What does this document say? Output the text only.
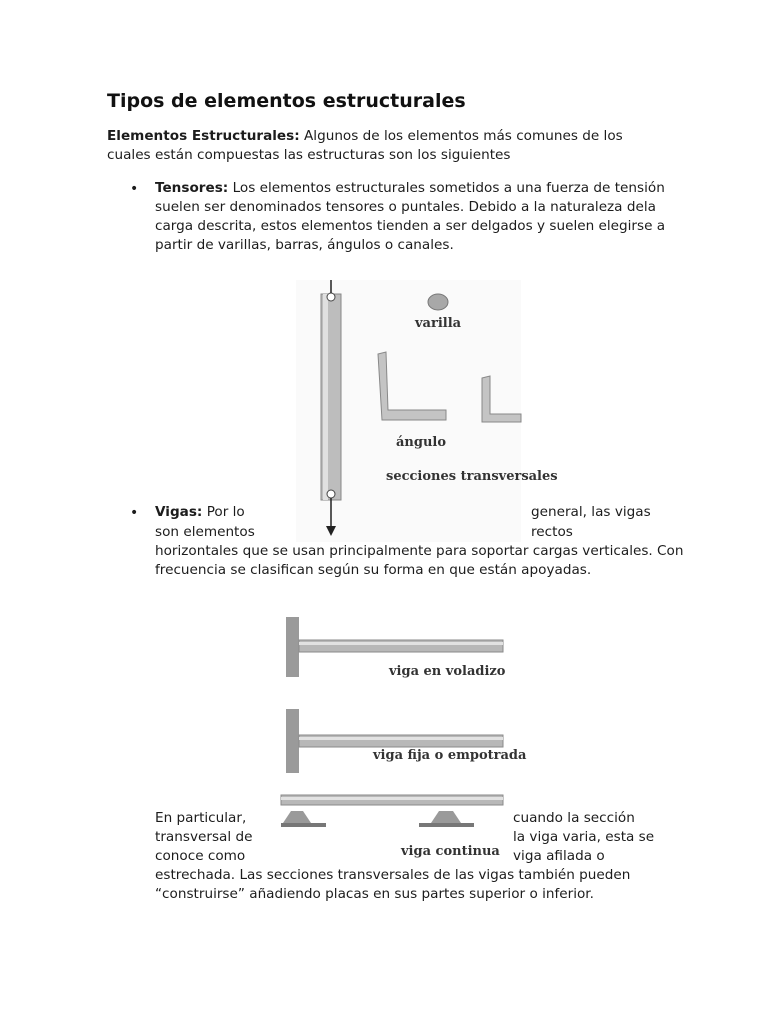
Tipos de elementos estructurales

Elementos Estructurales: Algunos de los elementos más comunes de los cuales están compuestas las estructuras son los siguientes

• Tensores: Los elementos estructurales sometidos a una fuerza de tensión suelen ser denominados tensores o puntales. Debido a la naturaleza dela carga descrita, estos elementos tienden a ser delgados y suelen elegirse a partir de varillas, barras, ángulos o canales.

varilla
ángulo
secciones transversales
• Vigas: Por lo	general, las vigas

son elementos	rectos

horizontales que se usan principalmente para soportar cargas verticales. Con frecuencia se clasifican según su forma en que están apoyadas.

viga en voladizo
viga fija o empotrada
viga continua

En particular,	cuando la sección

transversal de	la viga varia, esta se

conoce como	viga afilada o

estrechada. Las secciones transversales de las vigas también pueden “construirse” añadiendo placas en sus partes superior o inferior.
